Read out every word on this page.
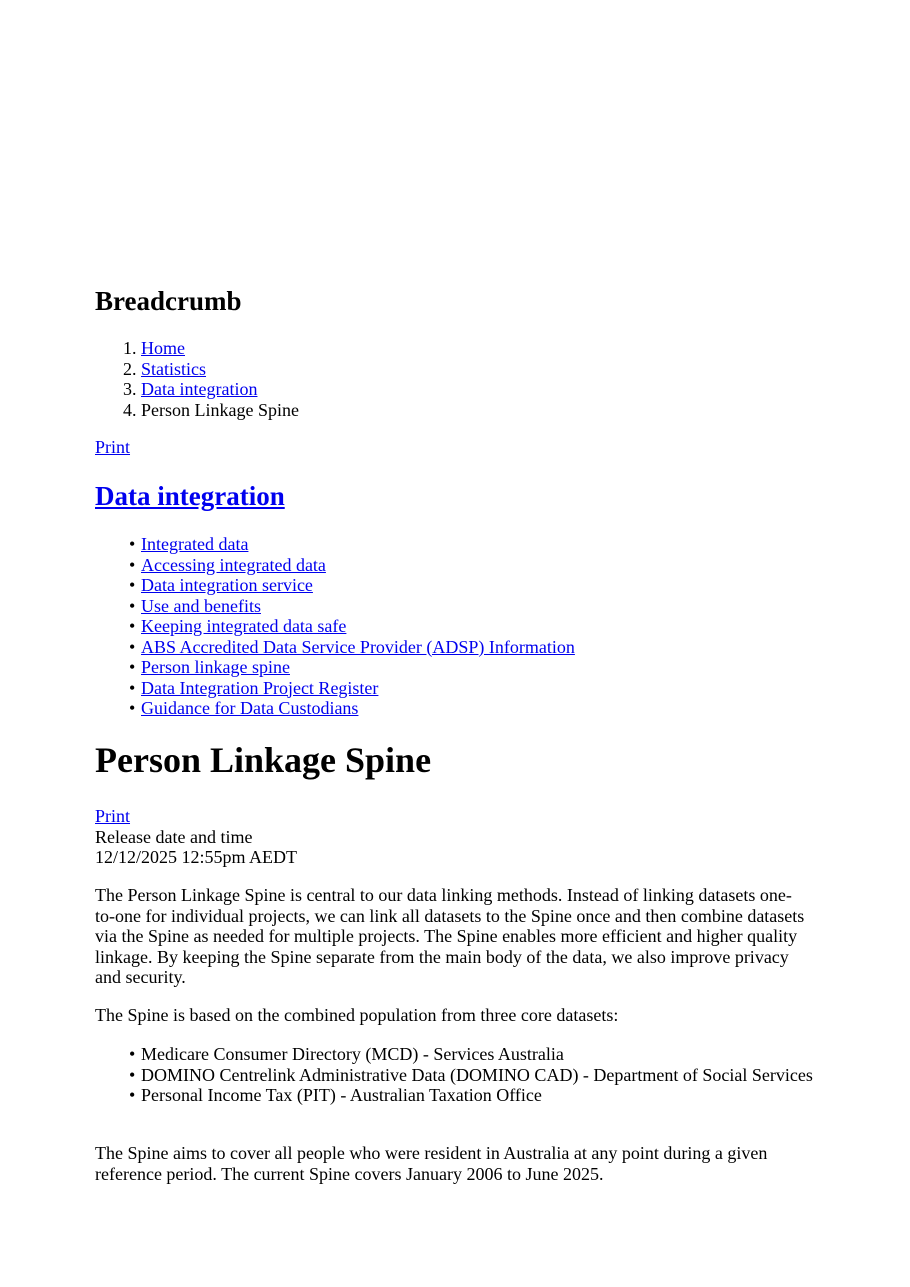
Breadcrumb
1. Home
2. Statistics
3. Data integration
4. Person Linkage Spine
Print
Data integration
• Integrated data
• Accessing integrated data
• Data integration service
• Use and benefits
• Keeping integrated data safe
• ABS Accredited Data Service Provider (ADSP) Information
• Person linkage spine
• Data Integration Project Register
• Guidance for Data Custodians
Person Linkage Spine
Print
Release date and time
12/12/2025 12:55pm AEDT

The Person Linkage Spine is central to our data linking methods. Instead of linking datasets one-to-one for individual projects, we can link all datasets to the Spine once and then combine datasets via the Spine as needed for multiple projects. The Spine enables more efficient and higher quality linkage. By keeping the Spine separate from the main body of the data, we also improve privacy and security.

The Spine is based on the combined population from three core datasets:

• Medicare Consumer Directory (MCD) - Services Australia
• DOMINO Centrelink Administrative Data (DOMINO CAD) - Department of Social Services
• Personal Income Tax (PIT) - Australian Taxation Office

The Spine aims to cover all people who were resident in Australia at any point during a given reference period. The current Spine covers January 2006 to June 2025.
